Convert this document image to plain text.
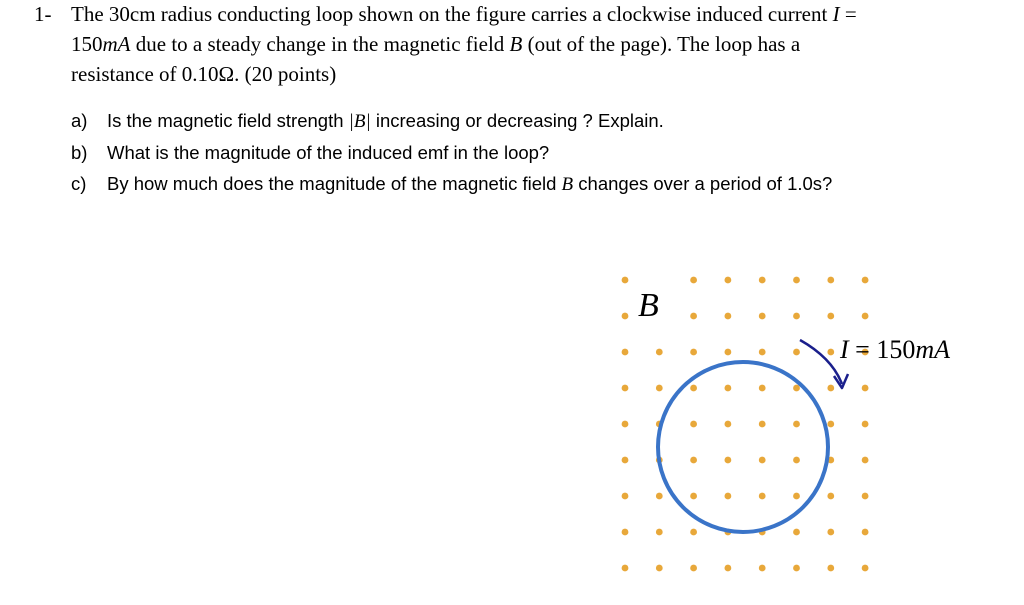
1- The 30cm radius conducting loop shown on the figure carries a clockwise induced current I =
150mA due to a steady change in the magnetic field B (out of the page). The loop has a
resistance of 0.10Ω. (20 points)
a)	Is the magnetic field strength |B| increasing or decreasing ? Explain.
b)	What is the magnitude of the induced emf in the loop?
c)	By how much does the magnitude of the magnetic field B changes over a period of 1.0s?
B
I = 150mA
